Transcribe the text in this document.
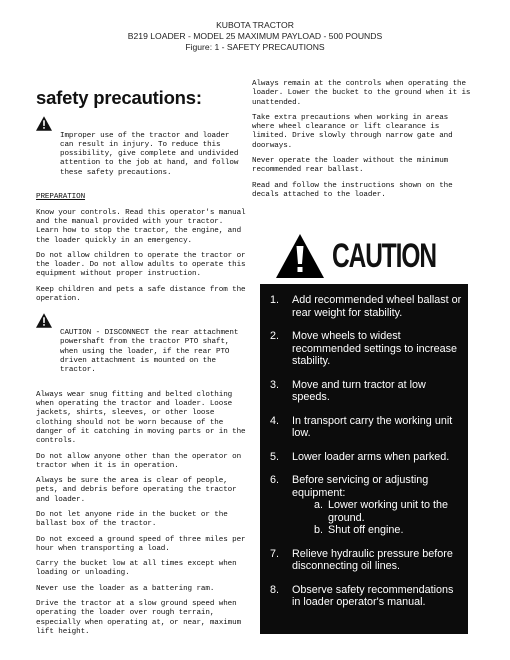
KUBOTA TRACTOR
B219 LOADER - MODEL 25 MAXIMUM PAYLOAD - 500 POUNDS
Figure: 1 - SAFETY PRECAUTIONS
safety precautions:

Improper use of the tractor and loader can result in injury. To reduce this possibility, give complete and undivided attention to the job at hand, and follow these safety precautions.

PREPARATION

Know your controls. Read this operator's manual and the manual provided with your tractor. Learn how to stop the tractor, the engine, and the loader quickly in an emergency.

Do not allow children to operate the tractor or the loader. Do not allow adults to operate this equipment without proper instruction.

Keep children and pets a safe distance from the operation.

CAUTION - DISCONNECT the rear attachment powershaft from the tractor PTO shaft, when using the loader, if the rear PTO driven attachment is mounted on the tractor.

Always wear snug fitting and belted clothing when operating the tractor and loader. Loose jackets, shirts, sleeves, or other loose clothing should not be worn because of the danger of it catching in moving parts or in the controls.

Do not allow anyone other than the operator on tractor when it is in operation.

Always be sure the area is clear of people, pets, and debris before operating the tractor and loader.

Do not let anyone ride in the bucket or the ballast box of the tractor.

Do not exceed a ground speed of three miles per hour when transporting a load.

Carry the bucket low at all times except when loading or unloading.

Never use the loader as a battering ram.

Drive the tractor at a slow ground speed when operating the loader over rough terrain, especially when operating at, or near, maximum lift height.

Always remain at the controls when operating the loader. Lower the bucket to the ground when it is unattended.

Take extra precautions when working in areas where wheel clearance or lift clearance is limited. Drive slowly through narrow gate and doorways.

Never operate the loader without the minimum recommended rear ballast.

Read and follow the instructions shown on the decals attached to the loader.

CAUTION
1. Add recommended wheel ballast or rear weight for stability.
2. Move wheels to widest recommended settings to increase stability.
3. Move and turn tractor at low speeds.
4. In transport carry the working unit low.
5. Lower loader arms when parked.
6. Before servicing or adjusting equipment:
a. Lower working unit to the ground.
b. Shut off engine.
7. Relieve hydraulic pressure before disconnecting oil lines.
8. Observe safety recommendations in loader operator's manual.
